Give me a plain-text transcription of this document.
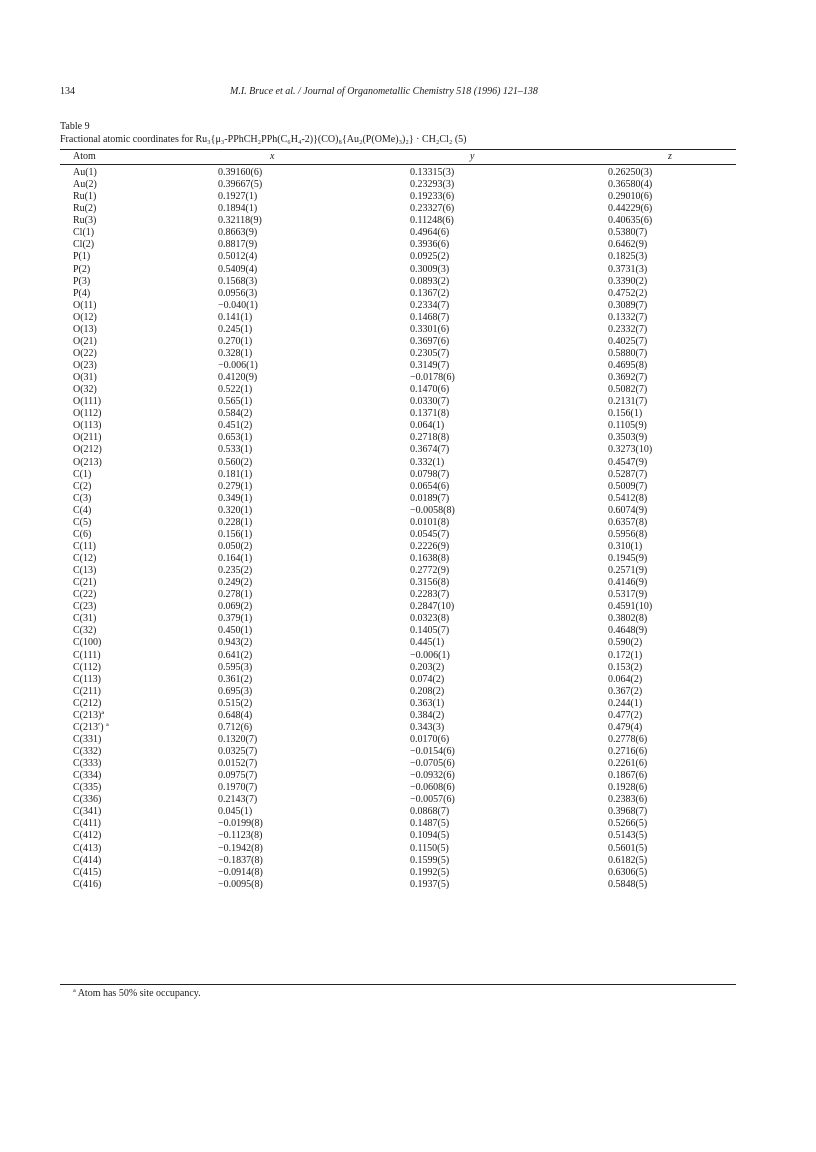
134	M.I. Bruce et al. / Journal of Organometallic Chemistry 518 (1996) 121–138
Table 9
Fractional atomic coordinates for Ru₃{μ₃-PPhCH₂PPh(C₆H₄-2)}(CO)₈{Au₂(P(OMe)₃)₂} · CH₂Cl₂ (5)
Atom	x	y	z
Au(1)	0.39160(6)	0.13315(3)	0.26250(3)
Au(2)	0.39667(5)	0.23293(3)	0.36580(4)
Ru(1)	0.1927(1)	0.19233(6)	0.29010(6)
Ru(2)	0.1894(1)	0.23327(6)	0.44229(6)
Ru(3)	0.32118(9)	0.11248(6)	0.40635(6)
Cl(1)	0.8663(9)	0.4964(6)	0.5380(7)
Cl(2)	0.8817(9)	0.3936(6)	0.6462(9)
P(1)	0.5012(4)	0.0925(2)	0.1825(3)
P(2)	0.5409(4)	0.3009(3)	0.3731(3)
P(3)	0.1568(3)	0.0893(2)	0.3390(2)
P(4)	0.0956(3)	0.1367(2)	0.4752(2)
O(11)	−0.040(1)	0.2334(7)	0.3089(7)
O(12)	0.141(1)	0.1468(7)	0.1332(7)
O(13)	0.245(1)	0.3301(6)	0.2332(7)
O(21)	0.270(1)	0.3697(6)	0.4025(7)
O(22)	0.328(1)	0.2305(7)	0.5880(7)
O(23)	−0.006(1)	0.3149(7)	0.4695(8)
O(31)	0.4120(9)	−0.0178(6)	0.3692(7)
O(32)	0.522(1)	0.1470(6)	0.5082(7)
O(111)	0.565(1)	0.0330(7)	0.2131(7)
O(112)	0.584(2)	0.1371(8)	0.156(1)
O(113)	0.451(2)	0.064(1)	0.1105(9)
O(211)	0.653(1)	0.2718(8)	0.3503(9)
O(212)	0.533(1)	0.3674(7)	0.3273(10)
O(213)	0.560(2)	0.332(1)	0.4547(9)
C(1)	0.181(1)	0.0798(7)	0.5287(7)
C(2)	0.279(1)	0.0654(6)	0.5009(7)
C(3)	0.349(1)	0.0189(7)	0.5412(8)
C(4)	0.320(1)	−0.0058(8)	0.6074(9)
C(5)	0.228(1)	0.0101(8)	0.6357(8)
C(6)	0.156(1)	0.0545(7)	0.5956(8)
C(11)	0.050(2)	0.2226(9)	0.310(1)
C(12)	0.164(1)	0.1638(8)	0.1945(9)
C(13)	0.235(2)	0.2772(9)	0.2571(9)
C(21)	0.249(2)	0.3156(8)	0.4146(9)
C(22)	0.278(1)	0.2283(7)	0.5317(9)
C(23)	0.069(2)	0.2847(10)	0.4591(10)
C(31)	0.379(1)	0.0323(8)	0.3802(8)
C(32)	0.450(1)	0.1405(7)	0.4648(9)
C(100)	0.943(2)	0.445(1)	0.590(2)
C(111)	0.641(2)	−0.006(1)	0.172(1)
C(112)	0.595(3)	0.203(2)	0.153(2)
C(113)	0.361(2)	0.074(2)	0.064(2)
C(211)	0.695(3)	0.208(2)	0.367(2)
C(212)	0.515(2)	0.363(1)	0.244(1)
C(213)ª	0.648(4)	0.384(2)	0.477(2)
C(213′) ª	0.712(6)	0.343(3)	0.479(4)
C(331)	0.1320(7)	0.0170(6)	0.2778(6)
C(332)	0.0325(7)	−0.0154(6)	0.2716(6)
C(333)	0.0152(7)	−0.0705(6)	0.2261(6)
C(334)	0.0975(7)	−0.0932(6)	0.1867(6)
C(335)	0.1970(7)	−0.0608(6)	0.1928(6)
C(336)	0.2143(7)	−0.0057(6)	0.2383(6)
C(341)	0.045(1)	0.0868(7)	0.3968(7)
C(411)	−0.0199(8)	0.1487(5)	0.5266(5)
C(412)	−0.1123(8)	0.1094(5)	0.5143(5)
C(413)	−0.1942(8)	0.1150(5)	0.5601(5)
C(414)	−0.1837(8)	0.1599(5)	0.6182(5)
C(415)	−0.0914(8)	0.1992(5)	0.6306(5)
C(416)	−0.0095(8)	0.1937(5)	0.5848(5)
ª Atom has 50% site occupancy.
